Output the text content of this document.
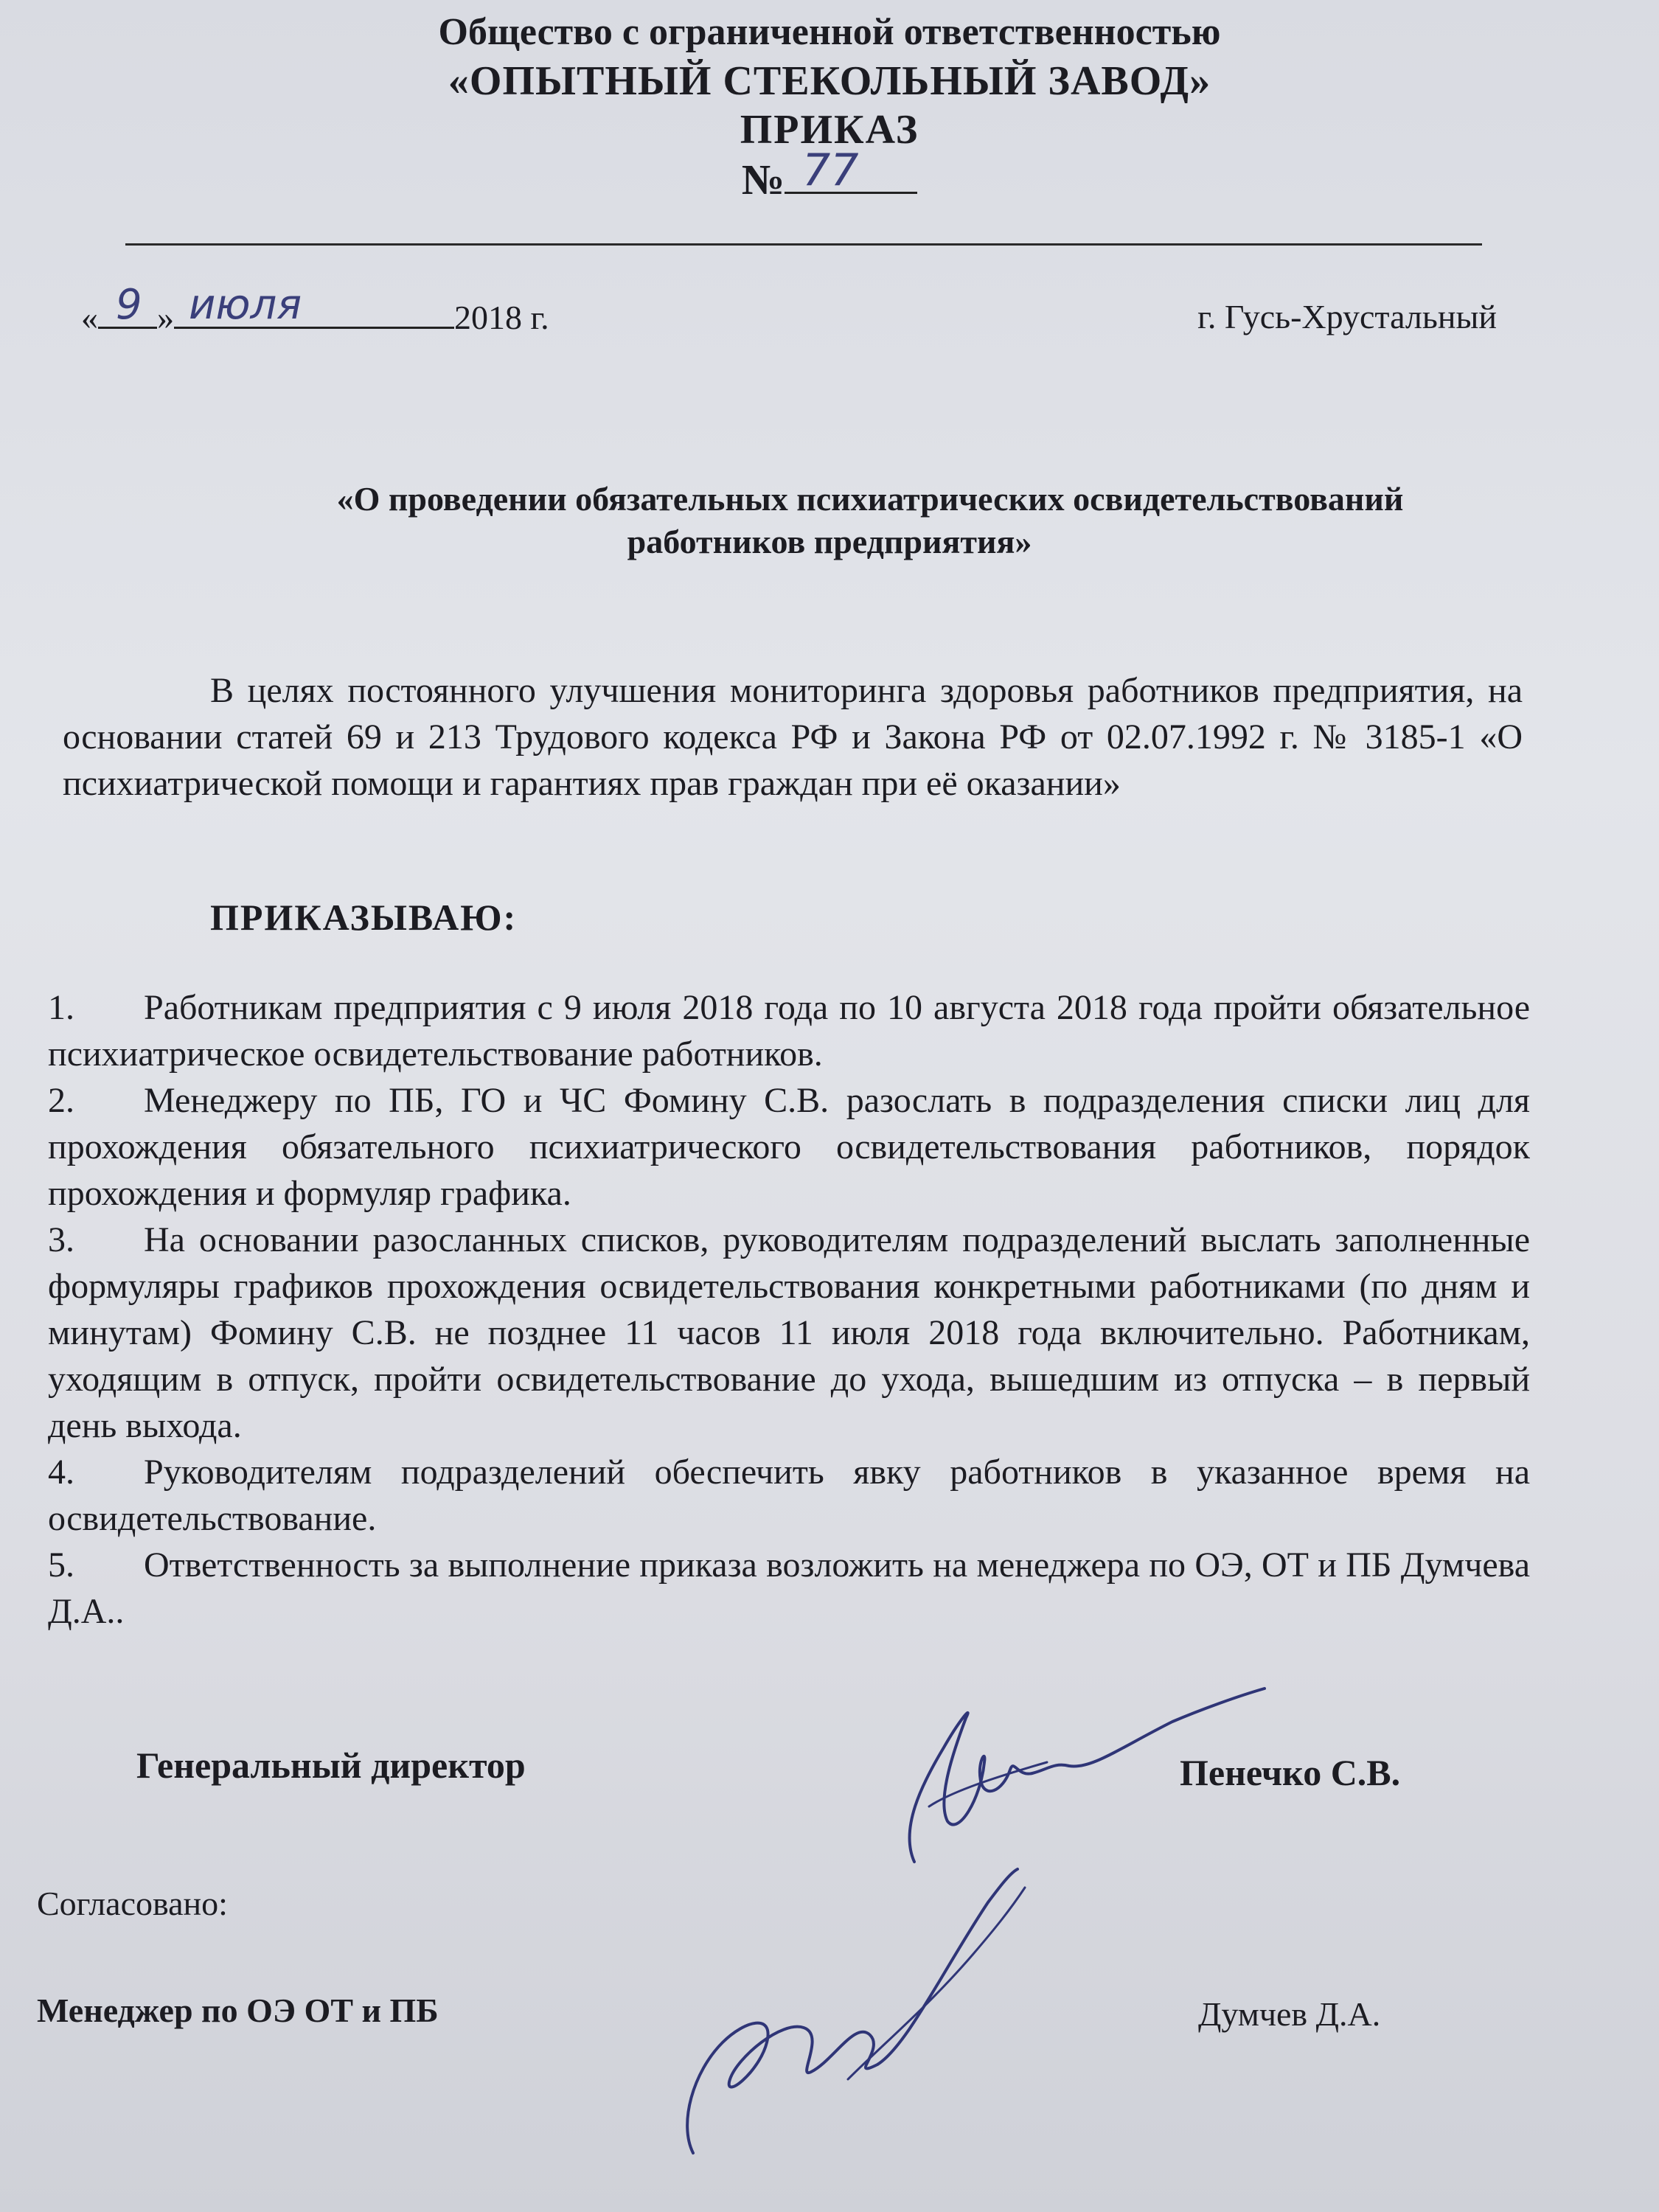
Общество с ограниченной ответственностью
«ОПЫТНЫЙ СТЕКОЛЬНЫЙ ЗАВОД»
ПРИКАЗ
№ 77
« 9 » июля	2018 г.	г. Гусь-Хрустальный
«О проведении обязательных психиатрических освидетельствований
работников предприятия»
В целях постоянного улучшения мониторинга здоровья работников предприятия, на основании статей 69 и 213 Трудового кодекса РФ и Закона РФ от 02.07.1992 г. № 3185-1 «О психиатрической помощи и гарантиях прав граждан при её оказании»
ПРИКАЗЫВАЮ:

1. Работникам предприятия с 9 июля 2018 года по 10 августа 2018 года пройти обязательное психиатрическое освидетельствование работников.

2. Менеджеру по ПБ, ГО и ЧС Фомину С.В. разослать в подразделения списки лиц для прохождения обязательного психиатрического освидетельствования работников, порядок прохождения и формуляр графика.

3. На основании разосланных списков, руководителям подразделений выслать заполненные формуляры графиков прохождения освидетельствования конкретными работниками (по дням и минутам) Фомину С.В. не позднее 11 часов 11 июля 2018 года включительно. Работникам, уходящим в отпуск, пройти освидетельствование до ухода, вышедшим из отпуска – в первый день выхода.

4. Руководителям подразделений обеспечить явку работников в указанное время на освидетельствование.

5. Ответственность за выполнение приказа возложить на менеджера по ОЭ, ОТ и ПБ Думчева Д.А..

Генеральный директор	Пенечко С.В.
Согласовано:
Менеджер по ОЭ ОТ и ПБ	Думчев Д.А.
